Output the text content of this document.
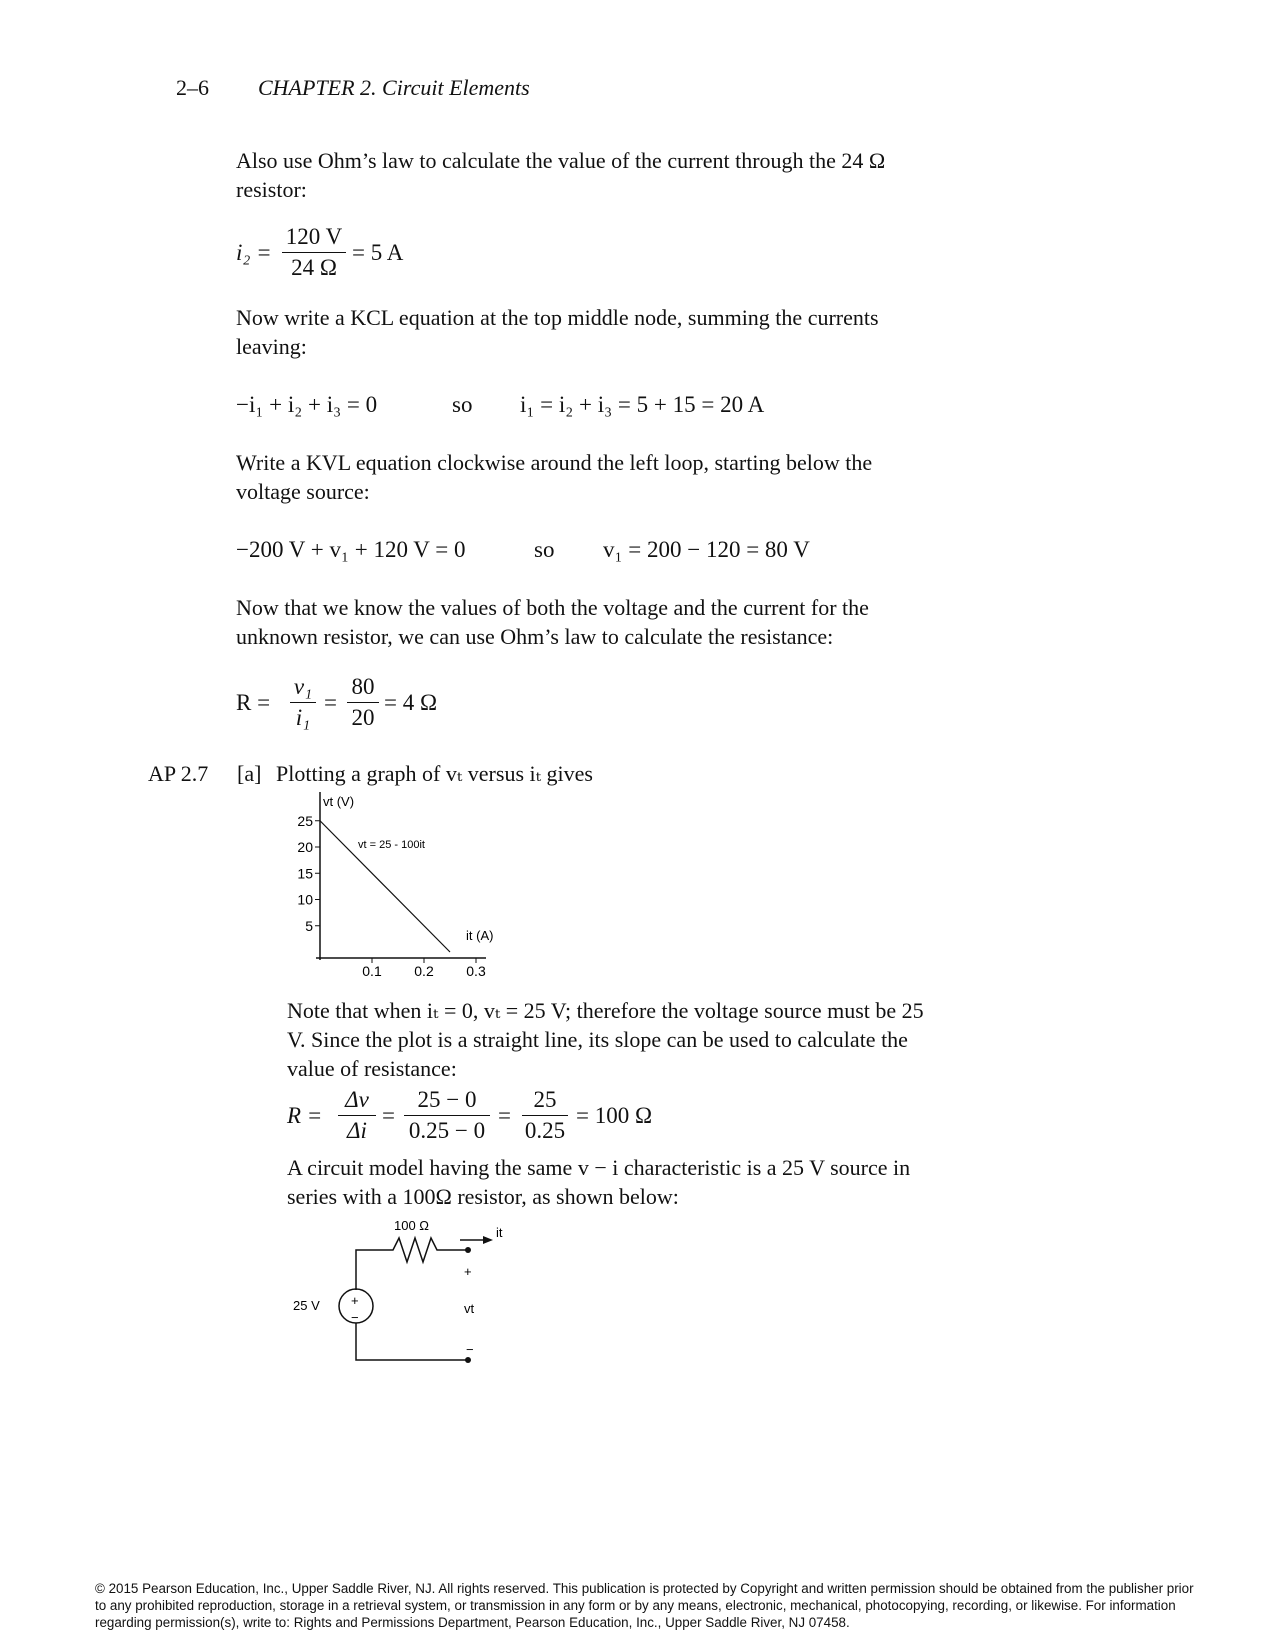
2–6 CHAPTER 2. Circuit Elements
Also use Ohm’s law to calculate the value of the current through the 24 Ω
resistor:
i₂ =
120 V
24 Ω
= 5 A
Now write a KCL equation at the top middle node, summing the currents
leaving:
−i₁ + i₂ + i₃ = 0	so i₁ = i₂ + i₃ = 5 + 15 = 20 A
Write a KVL equation clockwise around the left loop, starting below the
voltage source:
−200 V + v₁ + 120 V = 0	so v₁ = 200 − 120 = 80 V
Now that we know the values of both the voltage and the current for the
unknown resistor, we can use Ohm’s law to calculate the resistance:
R =
v₁
i₁
=
80
20
= 4 Ω
AP 2.7 [a] Plotting a graph of vₜ versus iₜ gives
25
20
15
10
5
0.1 0.2 0.3
vt (V)
vt = 25 - 100it
it (A)
Note that when iₜ = 0, vₜ = 25 V; therefore the voltage source must be 25
V. Since the plot is a straight line, its slope can be used to calculate the
value of resistance:
R =
Δv
Δi
=
25 − 0
0.25 − 0
=
25
0.25
= 100 Ω
A circuit model having the same v − i characteristic is a 25 V source in
series with a 100Ω resistor, as shown below:
100 Ω	it
25 V +
−
+
vt
−
© 2015 Pearson Education, Inc., Upper Saddle River, NJ. All rights reserved. This publication is protected by Copyright and written permission should be obtained from the publisher prior to any prohibited reproduction, storage in a retrieval system, or transmission in any form or by any means, electronic, mechanical, photocopying, recording, or likewise. For information regarding permission(s), write to: Rights and Permissions Department, Pearson Education, Inc., Upper Saddle River, NJ 07458.
